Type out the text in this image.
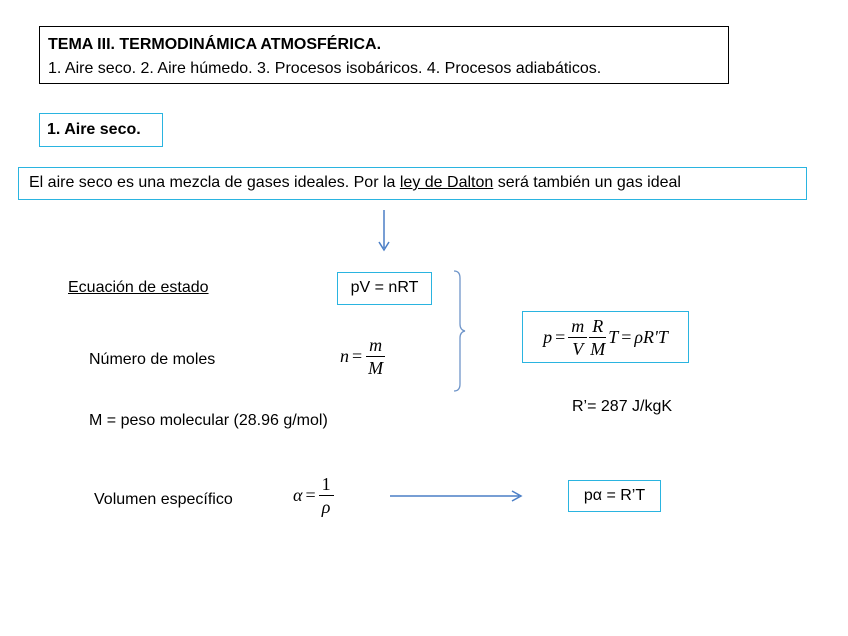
TEMA III. TERMODINÁMICA ATMOSFÉRICA.
1. Aire seco. 2. Aire húmedo. 3. Procesos isobáricos. 4. Procesos adiabáticos.
1. Aire seco.
El aire seco es una mezcla de gases ideales. Por la ley de Dalton será también un gas ideal
Ecuación de estado	pV = nRT
Número de moles	$n = \frac{m}{M}$	$p = \frac{m}{V} \frac{R}{M}$ T = ρR'T
R’= 287 J/kgK
M = peso molecular (28.96 g/mol)
Volumen específico	$\alpha = \frac{1}{\rho}$	pα = R’T
